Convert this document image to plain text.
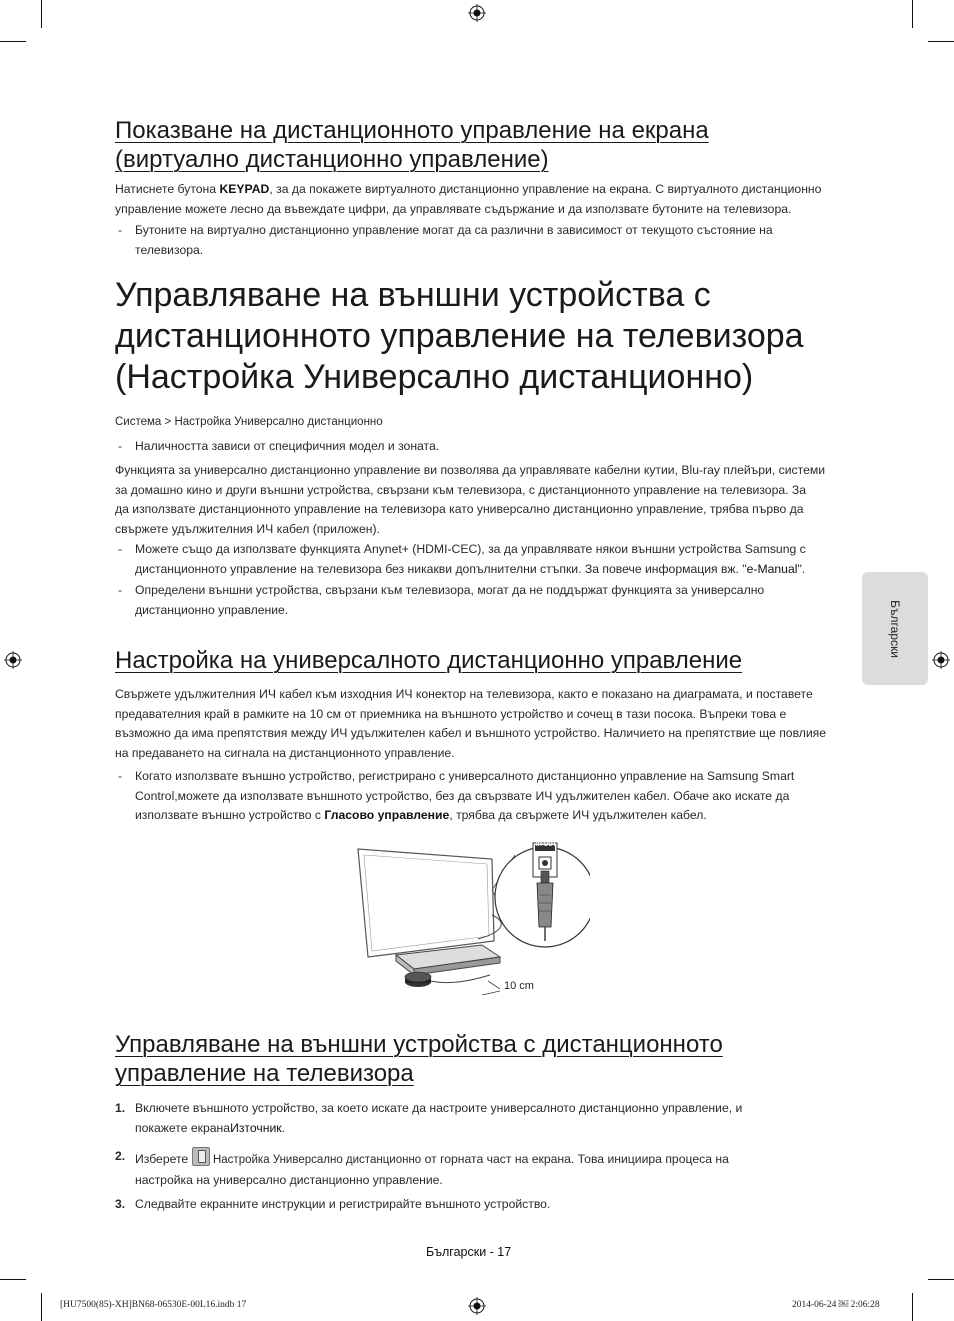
Показване на дистанционното управление на екрана
(виртуално дистанционно управление)
Натиснете бутона KEYPAD, за да покажете виртуалното дистанционно управление на екрана. С виртуалното дистанционно
управление можете лесно да въвеждате цифри, да управлявате съдържание и да използвате бутоните на телевизора.
- Бутоните на виртуално дистанционно управление могат да са различни в зависимост от текущото състояние на
телевизора.
Управляване на външни устройства с
дистанционното управление на телевизора
(Настройка Универсално дистанционно)
Система > Настройка Универсално дистанционно
-	Наличността зависи от специфичния модел и зоната.
Функцията за универсално дистанционно управление ви позволява да управлявате кабелни кутии, Blu-ray плейъри, системи
за домашно кино и други външни устройства, свързани към телевизора, с дистанционното управление на телевизора. За
да използвате дистанционното управление на телевизора като универсално дистанционно управление, трябва първо да
свържете удължителния ИЧ кабел (приложен).
- Можете също да използвате функцията Anynet+ (HDMI-CEC), за да управлявате някои външни устройства Samsung с
дистанционното управление на телевизора без никакви допълнителни стъпки. За повече информация вж. "e-Manual".
- Определени външни устройства, свързани към телевизора, могат да не поддържат функцията за универсално
дистанционно управление.
Настройка на универсалното дистанционно управление
Свържете удължителния ИЧ кабел към изходния ИЧ конектор на телевизора, както е показано на диаграмата, и поставете
предавателния край в рамките на 10 см от приемника на външното устройство и сочещ в тази посока. Въпреки това е
възможно да има препятствия между ИЧ удължителен кабел и външното устройство. Наличието на препятствие ще повлияе
на предаването на сигнала на дистанционното управление.
- Когато използвате външно устройство, регистрирано с универсалното дистанционно управление на Samsung Smart
Control,можете да използвате външното устройство, без да свързвате ИЧ удължителен кабел. Обаче ако искате да
използвате външно устройство с Гласово управление, трябва да свържете ИЧ удължителен кабел.
IR OUT
10 cm
Управляване на външни устройства с дистанционното
управление на телевизора
1. Включете външното устройство, за което искате да настроите универсалното дистанционно управление, и
покажете екранаИзточник.
2. Изберете
Настройка Универсално дистанционно от горната част на екрана. Това инициира процеса на
настройка на универсално дистанционно управление.
3. Следвайте екранните инструкции и регистрирайте външното устройство.
Български
Български - 17
[HU7500(85)-XH]BN68-06530E-00L16.indb 17	2014-06-24 ￼ 2:06:28
